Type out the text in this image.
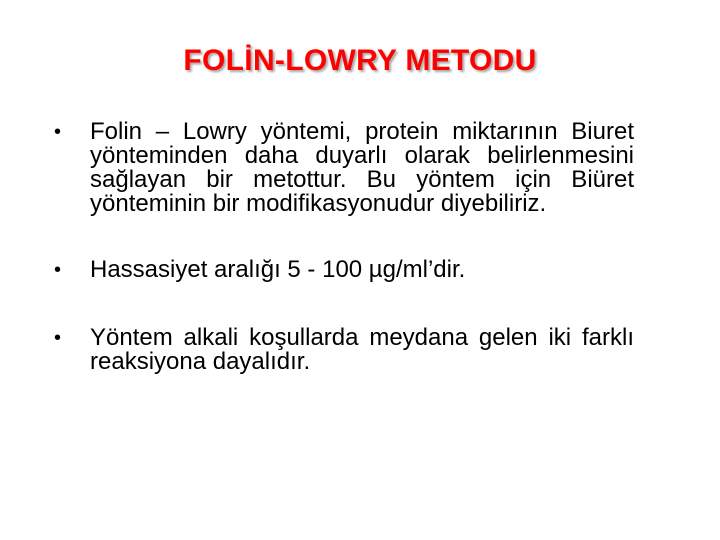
FOLİN-LOWRY METODU
•	Folin – Lowry yöntemi, protein miktarının Biuret yönteminden daha duyarlı olarak belirlenmesini sağlayan bir metottur. Bu yöntem için Biüret yönteminin bir modifikasyonudur diyebiliriz.
•	Hassasiyet aralığı 5 - 100 µg/ml’dir.
•	Yöntem alkali koşullarda meydana gelen iki farklı reaksiyona dayalıdır.
